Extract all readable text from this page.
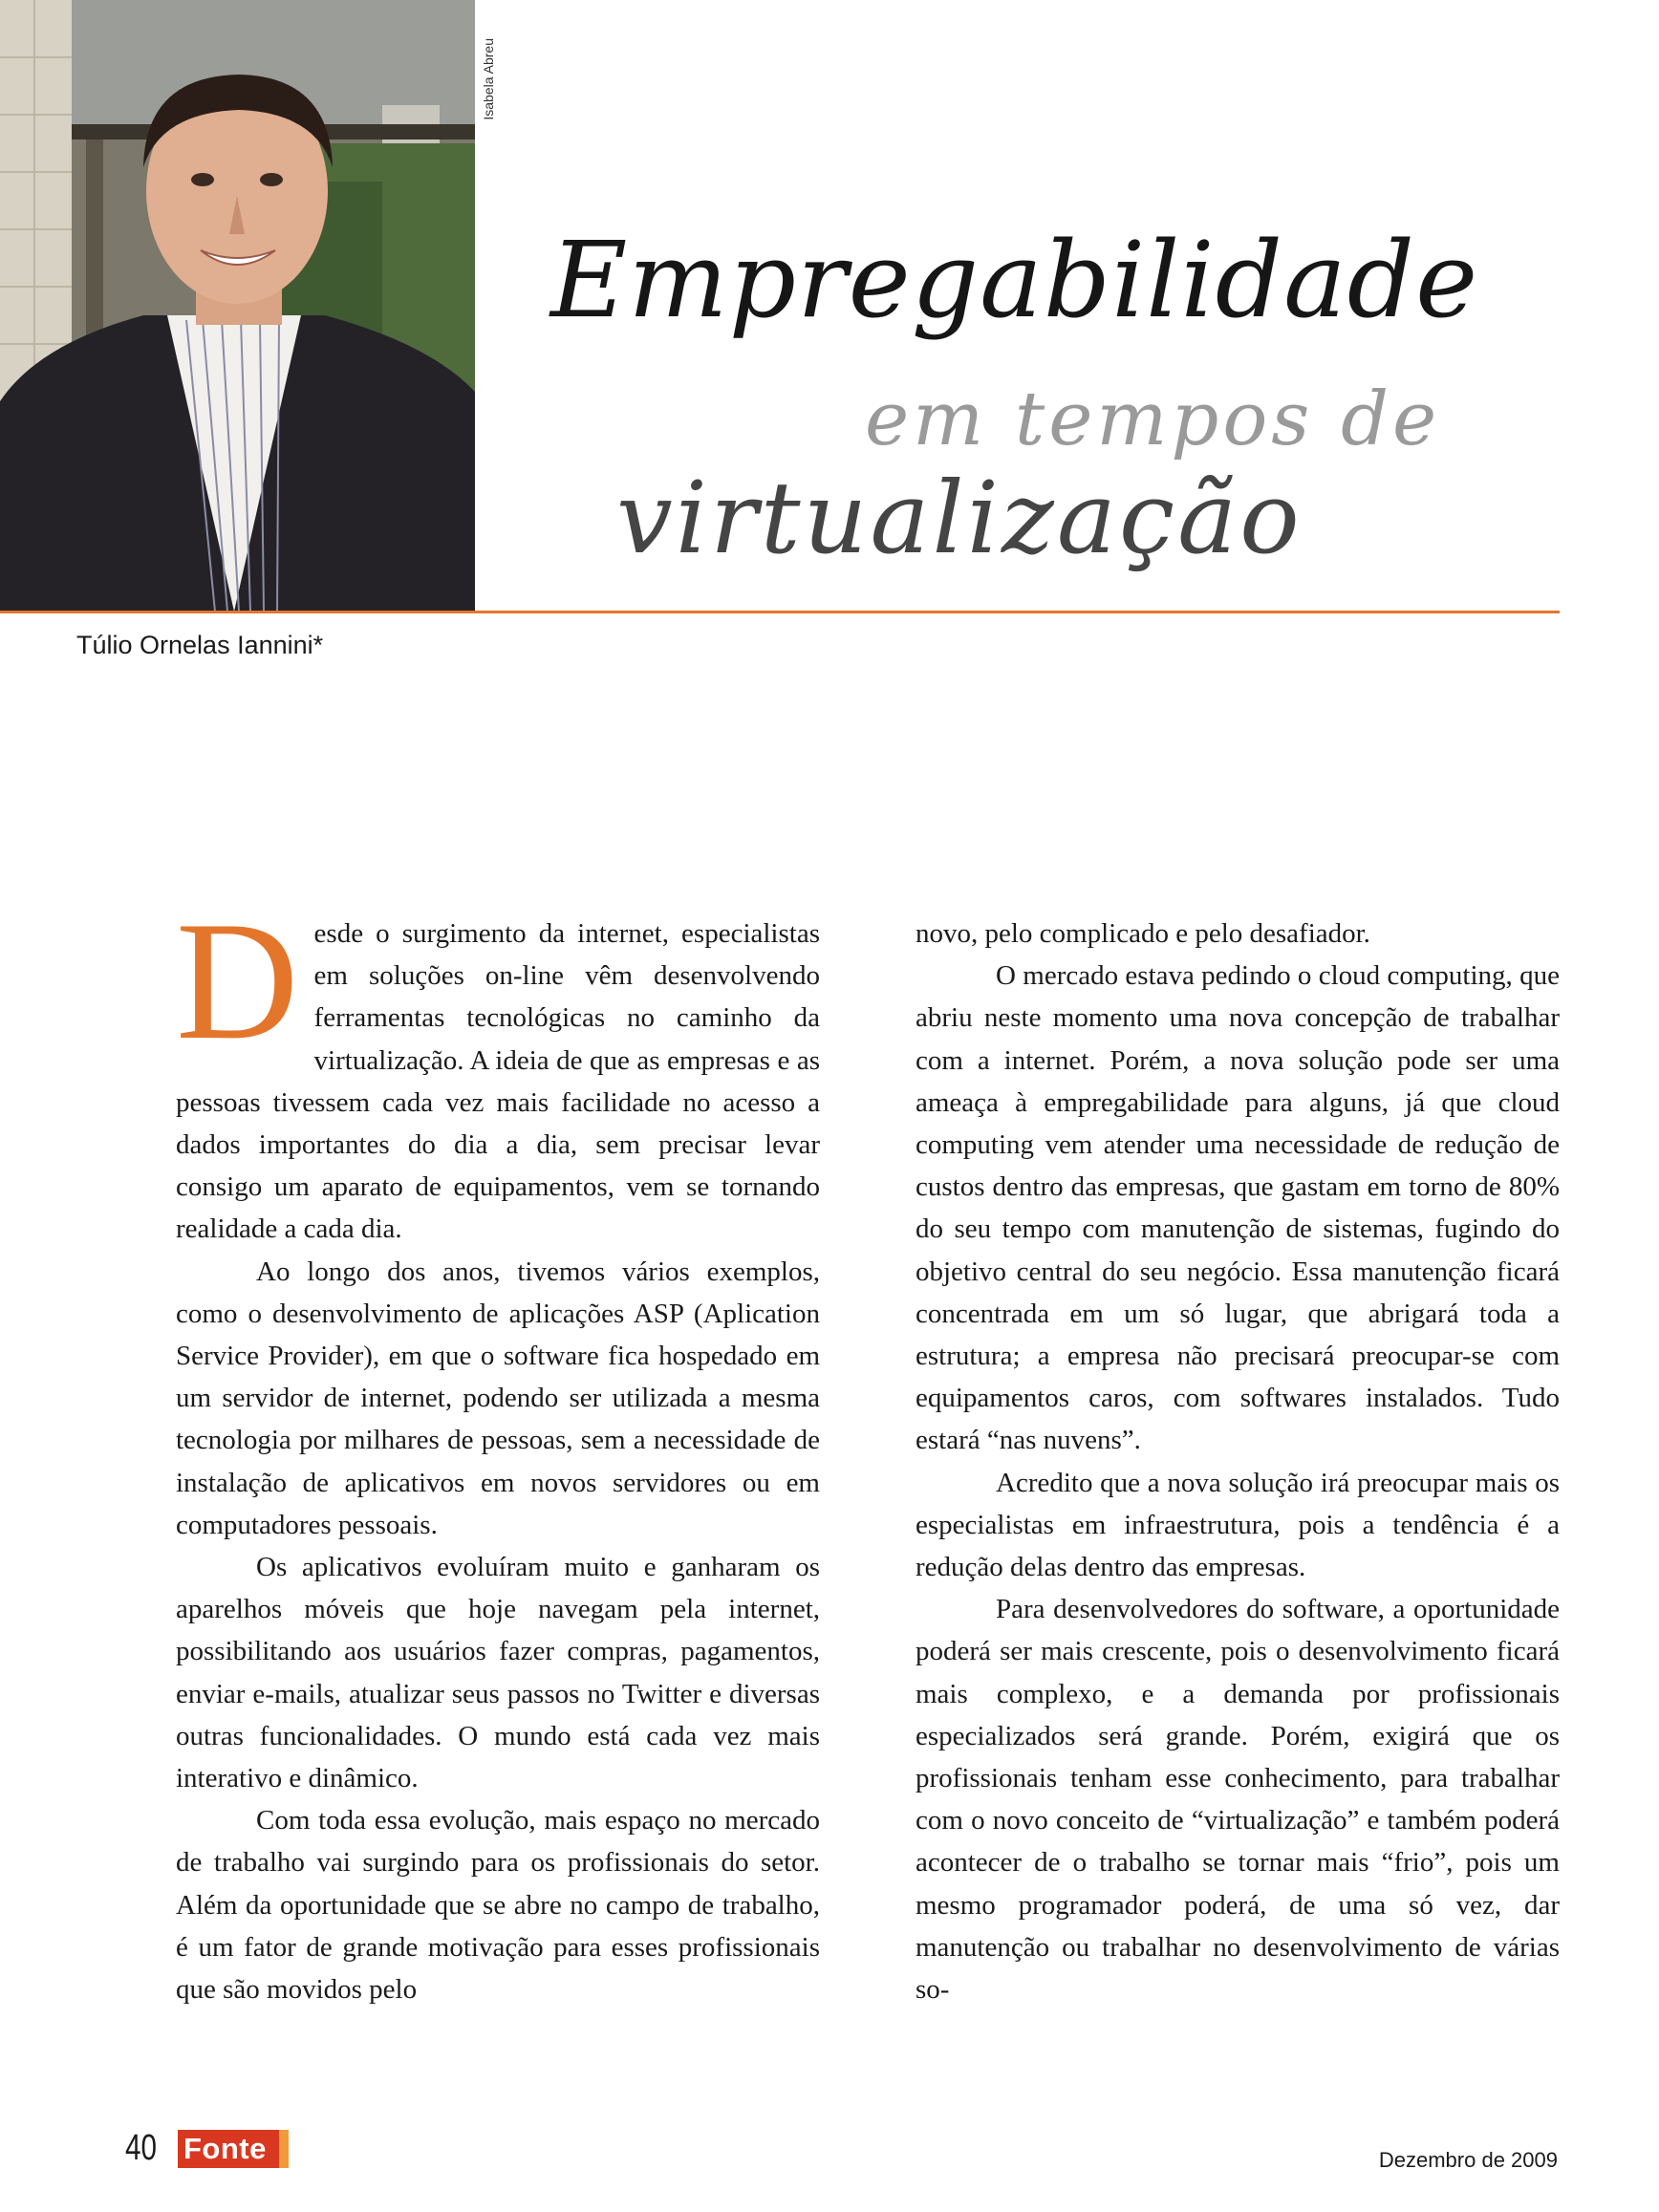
Isabela Abreu
Empregabilidade
em tempos de
virtualização
Túlio Ornelas Iannini*

Desde o surgimento da internet, especialistas em soluções on-line vêm desenvolvendo ferramentas tecnológicas no caminho da virtualização. A ideia de que as empresas e as pessoas tivessem cada vez mais facilidade no acesso a dados importantes do dia a dia, sem precisar levar consigo um aparato de equipamentos, vem se tornando realidade a cada dia.

Ao longo dos anos, tivemos vários exemplos, como o desenvolvimento de aplicações ASP (Aplication Service Provider), em que o software fica hospedado em um servidor de internet, podendo ser utilizada a mesma tecnologia por milhares de pessoas, sem a necessidade de instalação de aplicativos em novos servidores ou em computadores pessoais.

Os aplicativos evoluíram muito e ganharam os aparelhos móveis que hoje navegam pela internet, possibilitando aos usuários fazer compras, pagamentos, enviar e-mails, atualizar seus passos no Twitter e diversas outras funcionalidades. O mundo está cada vez mais interativo e dinâmico.

Com toda essa evolução, mais espaço no mercado de trabalho vai surgindo para os profissionais do setor. Além da oportunidade que se abre no campo de trabalho, é um fator de grande motivação para esses profissionais que são movidos pelo

novo, pelo complicado e pelo desafiador.

O mercado estava pedindo o cloud computing, que abriu neste momento uma nova concepção de trabalhar com a internet. Porém, a nova solução pode ser uma ameaça à empregabilidade para alguns, já que cloud computing vem atender uma necessidade de redução de custos dentro das empresas, que gastam em torno de 80% do seu tempo com manutenção de sistemas, fugindo do objetivo central do seu negócio. Essa manutenção ficará concentrada em um só lugar, que abrigará toda a estrutura; a empresa não precisará preocupar-se com equipamentos caros, com softwares instalados. Tudo estará “nas nuvens”.

Acredito que a nova solução irá preocupar mais os especialistas em infraestrutura, pois a tendência é a redução delas dentro das empresas.

Para desenvolvedores do software, a oportunidade poderá ser mais crescente, pois o desenvolvimento ficará mais complexo, e a demanda por profissionais especializados será grande. Porém, exigirá que os profissionais tenham esse conhecimento, para trabalhar com o novo conceito de “virtualização” e também poderá acontecer de o trabalho se tornar mais “frio”, pois um mesmo programador poderá, de uma só vez, dar manutenção ou trabalhar no desenvolvimento de várias so-

40 Fonte	Dezembro de 2009
